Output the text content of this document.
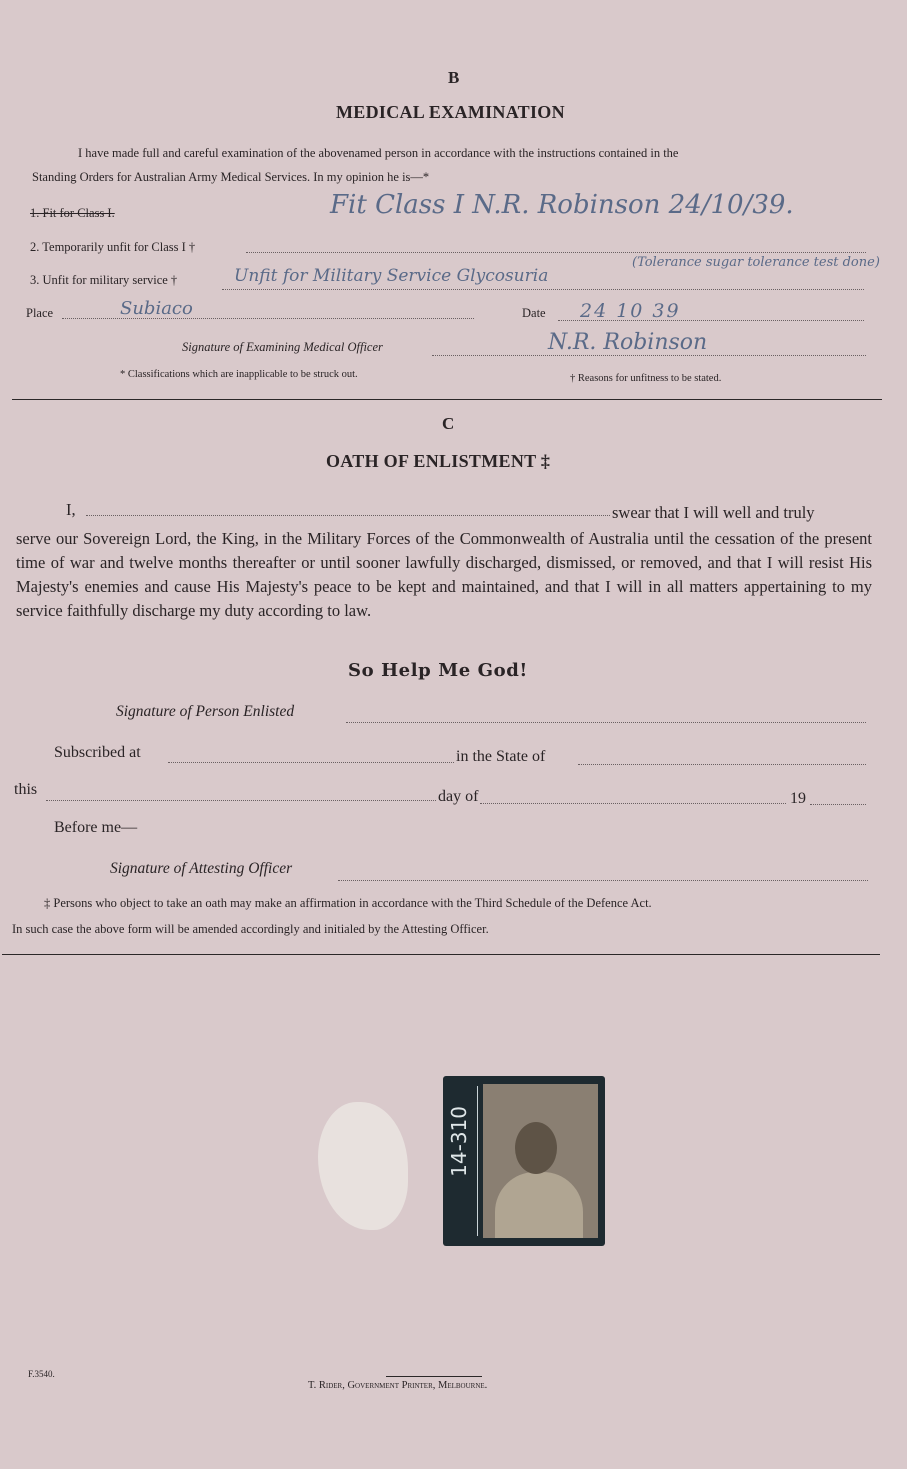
B
MEDICAL EXAMINATION
I have made full and careful examination of the abovenamed person in accordance with the instructions contained in the
Standing Orders for Australian Army Medical Services. In my opinion he is—*
1. Fit for Class I.	Fit Class I N.R. Robinson 24/10/39.
2. Temporarily unfit for Class I †
3. Unfit for military service †	Unfit for Military Service Glycosuria
(Tolerance sugar tolerance test done)
Place	Subiaco	Date 24 10 39
Signature of Examining Medical Officer	N.R. Robinson
* Classifications which are inapplicable to be struck out.	† Reasons for unfitness to be stated.
C
OATH OF ENLISTMENT ‡
I,	swear that I will well and truly
serve our Sovereign Lord, the King, in the Military Forces of the Commonwealth of Australia until the cessation of the present time of war and twelve months thereafter or until sooner lawfully discharged, dismissed, or removed, and that I will resist His Majesty's enemies and cause His Majesty's peace to be kept and maintained, and that I will in all matters appertaining to my service faithfully discharge my duty according to law.
So Help Me God!
Signature of Person Enlisted
Subscribed at	in the State of
this	day of	19
Before me—
Signature of Attesting Officer
‡ Persons who object to take an oath may make an affirmation in accordance with the Third Schedule of the Defence Act.
In such case the above form will be amended accordingly and initialed by the Attesting Officer.
14-310
F.3540.
T. Rider, Government Printer, Melbourne.
